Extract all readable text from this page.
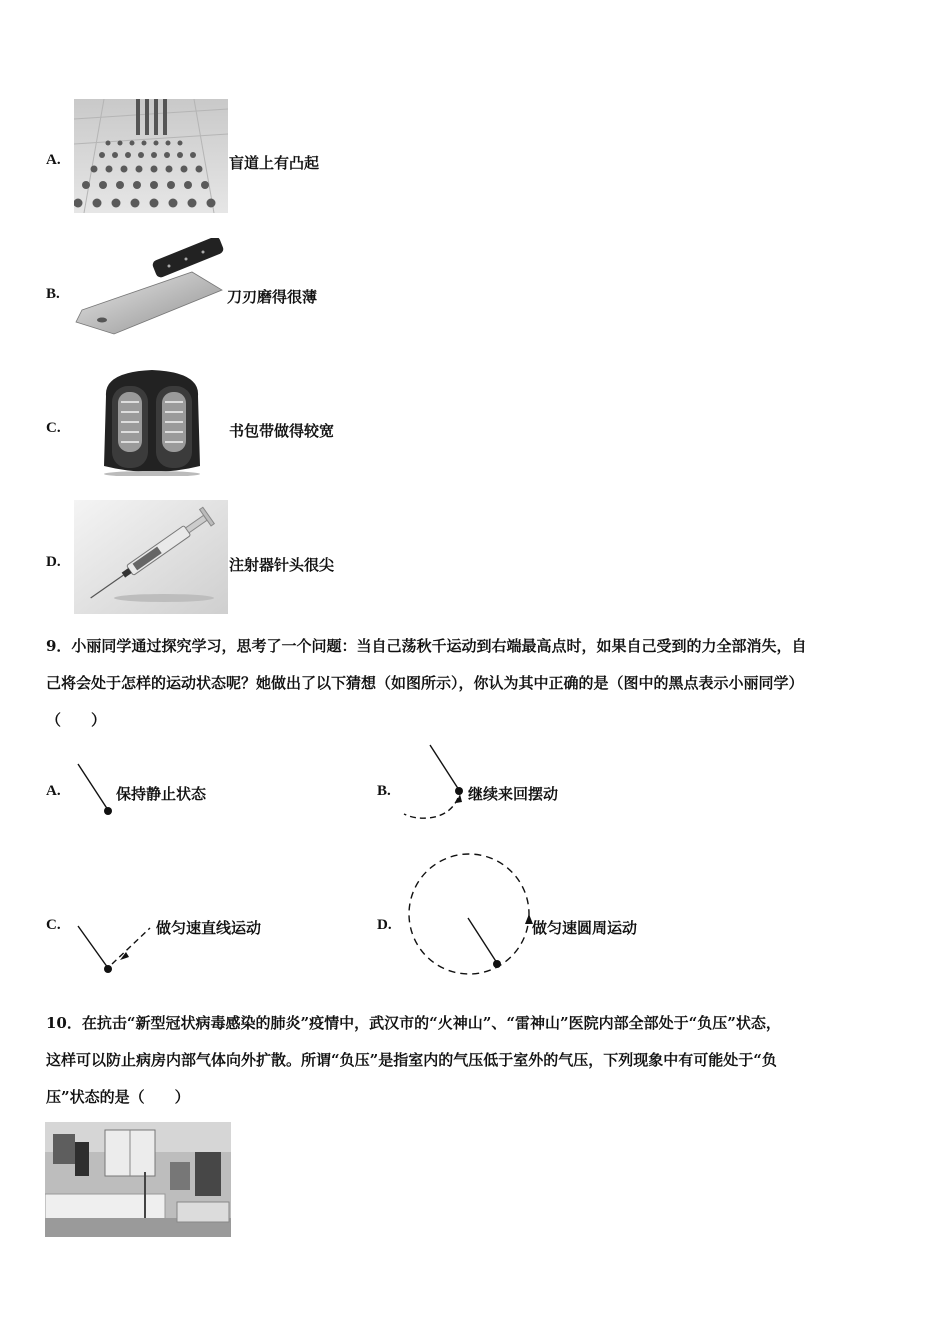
A.	盲道上有凸起
B.	刀刃磨得很薄
C.	书包带做得较宽
D.	注射器针头很尖
9．小丽同学通过探究学习，思考了一个问题：当自己荡秋千运动到右端最高点时，如果自己受到的力全部消失，自
己将会处于怎样的运动状态呢？她做出了以下猜想（如图所示），你认为其中正确的是（图中的黑点表示小丽同学）
（　　）
A.	保持静止状态	B.	继续来回摆动
C.	做匀速直线运动	D.	做匀速圆周运动
10．在抗击“新型冠状病毒感染的肺炎”疫情中，武汉市的“火神山”、“雷神山”医院内部全部处于“负压”状态，
这样可以防止病房内部气体向外扩散。所谓“负压”是指室内的气压低于室外的气压，下列现象中有可能处于“负
压”状态的是（　　）
